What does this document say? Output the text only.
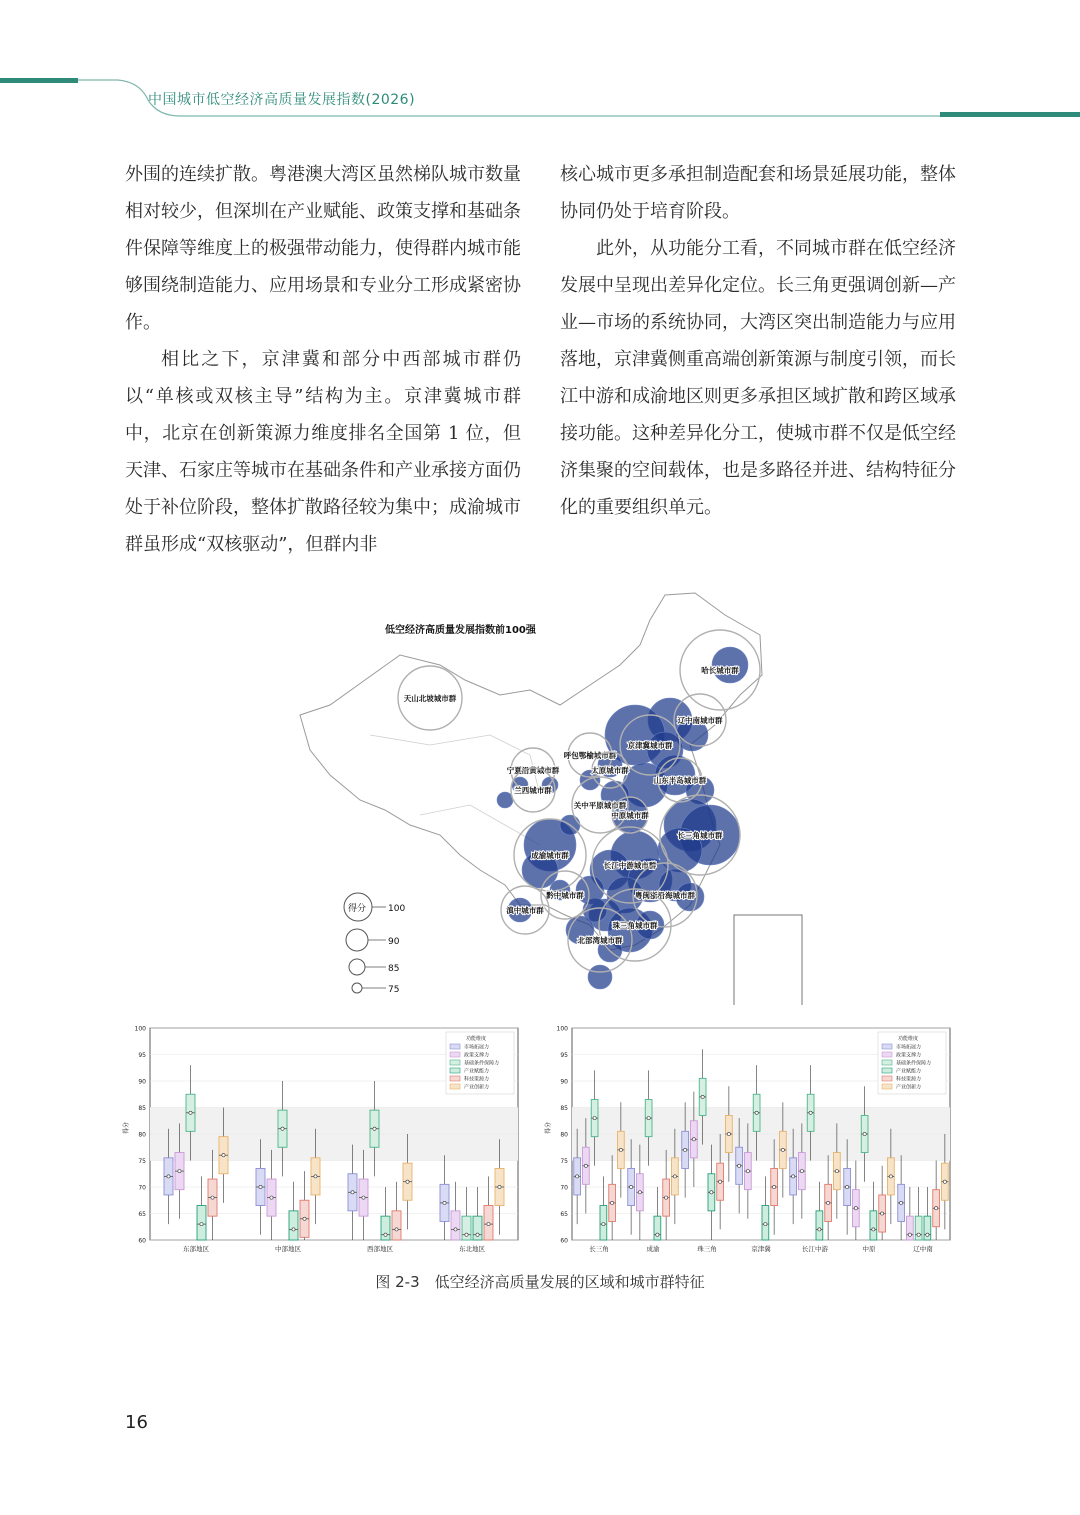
中国城市低空经济高质量发展指数(2026)

外围的连续扩散。粤港澳大湾区虽然梯队城市数量相对较少，但深圳在产业赋能、政策支撑和基础条件保障等维度上的极强带动能力，使得群内城市能够围绕制造能力、应用场景和专业分工形成紧密协作。

相比之下，京津冀和部分中西部城市群仍以“单核或双核主导”结构为主。京津冀城市群中，北京在创新策源力维度排名全国第 1 位，但天津、石家庄等城市在基础条件和产业承接方面仍处于补位阶段，整体扩散路径较为集中；成渝城市群虽形成“双核驱动”，但群内非

核心城市更多承担制造配套和场景延展功能，整体协同仍处于培育阶段。

此外，从功能分工看，不同城市群在低空经济发展中呈现出差异化定位。长三角更强调创新—产业—市场的系统协同，大湾区突出制造能力与应用落地，京津冀侧重高端创新策源与制度引领，而长江中游和成渝地区则更多承担区域扩散和跨区域承接功能。这种差异化分工，使城市群不仅是低空经济集聚的空间载体，也是多路径并进、结构特征分化的重要组织单元。

低空经济高质量发展指数前100强
天山北坡城市群
哈长城市群
辽中南城市群
京津冀城市群
呼包鄂榆城市群
宁夏沿黄城市群	太原城市群
山东半岛城市群
兰西城市群
关中平原城市群
中原城市群
长三角城市群
成渝城市群
长江中游城市群
黔中城市群	粤闽浙沿海城市群
滇中城市群
珠三角城市群
北部湾城市群
得分 100
90
85
75
60
65
70
75
80
85
90
95
100
得分
东部地区	中部地区	西部地区	东北地区
功能维度
市场拓展力
政策支撑力
基础条件保障力
产业赋能力
科技策源力
产业创新力
60
65
70
75
80
85
90
95
100
得分
长三角	成渝	珠三角	京津冀	长江中游	中原	辽中南
功能维度
市场拓展力
政策支撑力
基础条件保障力
产业赋能力
科技策源力
产业创新力
图 2-3　低空经济高质量发展的区域和城市群特征
16
